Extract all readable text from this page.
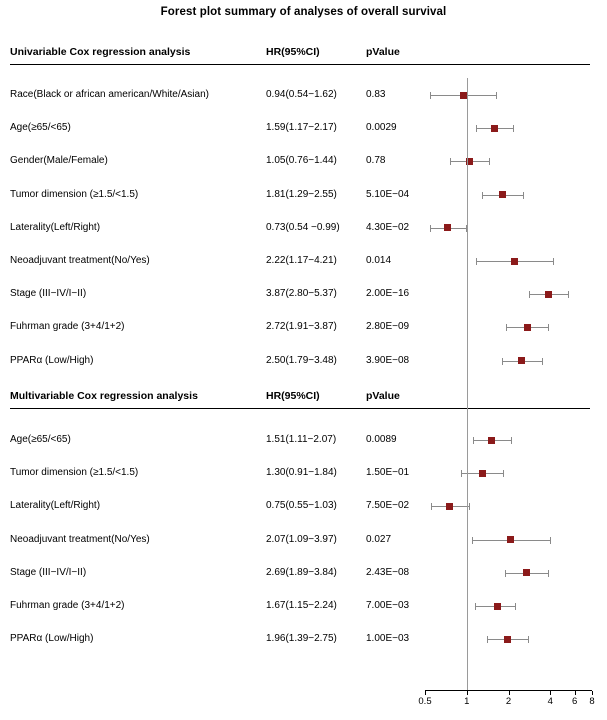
Forest plot summary of analyses of overall survival
Univariable Cox regression analysis	HR(95%CI)	pValue
Race(Black or african american/White/Asian)	0.94(0.54−1.62)	0.83
Age(≥65/<65)	1.59(1.17−2.17)	0.0029
Gender(Male/Female)	1.05(0.76−1.44)	0.78
Tumor dimension (≥1.5/<1.5)	1.81(1.29−2.55)	5.10E−04
Laterality(Left/Right)	0.73(0.54 −0.99)	4.30E−02
Neoadjuvant treatment(No/Yes)	2.22(1.17−4.21)	0.014
Stage (III−IV/I−II)	3.87(2.80−5.37)	2.00E−16
Fuhrman grade (3+4/1+2)	2.72(1.91−3.87)	2.80E−09
PPARα (Low/High)	2.50(1.79−3.48)	3.90E−08
Multivariable Cox regression analysis	HR(95%CI)	pValue
Age(≥65/<65)	1.51(1.11−2.07)	0.0089
Tumor dimension (≥1.5/<1.5)	1.30(0.91−1.84)	1.50E−01
Laterality(Left/Right)	0.75(0.55−1.03)	7.50E−02
Neoadjuvant treatment(No/Yes)	2.07(1.09−3.97)	0.027
Stage (III−IV/I−II)	2.69(1.89−3.84)	2.43E−08
Fuhrman grade (3+4/1+2)	1.67(1.15−2.24)	7.00E−03
PPARα (Low/High)	1.96(1.39−2.75)	1.00E−03
0.5	1	2	4	6	8
